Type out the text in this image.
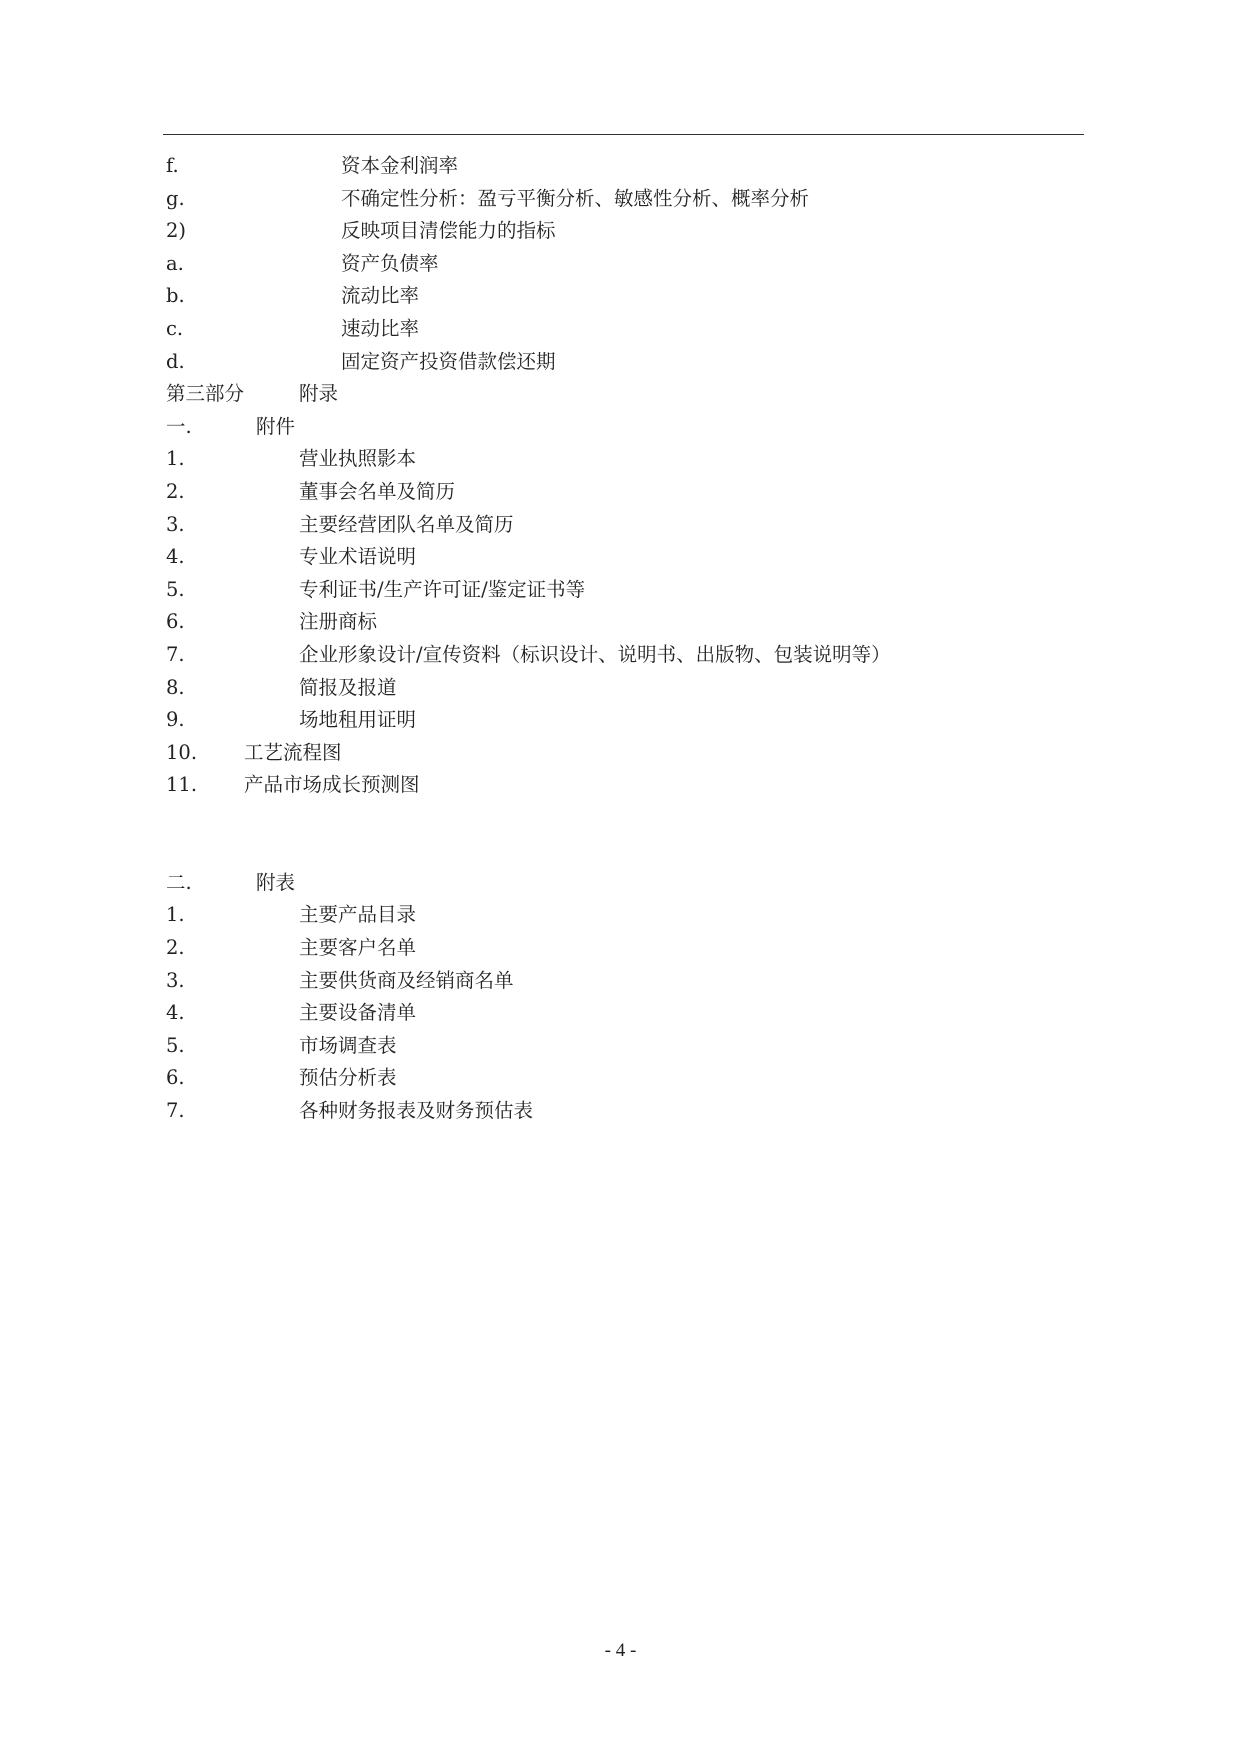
f.	资本金利润率
g.	不确定性分析：盈亏平衡分析、敏感性分析、概率分析
2)	反映项目清偿能力的指标
a.	资产负债率
b.	流动比率
c.	速动比率
d.	固定资产投资借款偿还期
第三部分	附录
一.	附件
1.	营业执照影本
2.	董事会名单及简历
3.	主要经营团队名单及简历
4.	专业术语说明
5.	专利证书/生产许可证/鉴定证书等
6.	注册商标
7.	企业形象设计/宣传资料（标识设计、说明书、出版物、包装说明等）
8.	简报及报道
9.	场地租用证明
10. 工艺流程图
11. 产品市场成长预测图
二.	附表
1.	主要产品目录
2.	主要客户名单
3.	主要供货商及经销商名单
4.	主要设备清单
5.	市场调查表
6.	预估分析表
7.	各种财务报表及财务预估表
- 4 -
